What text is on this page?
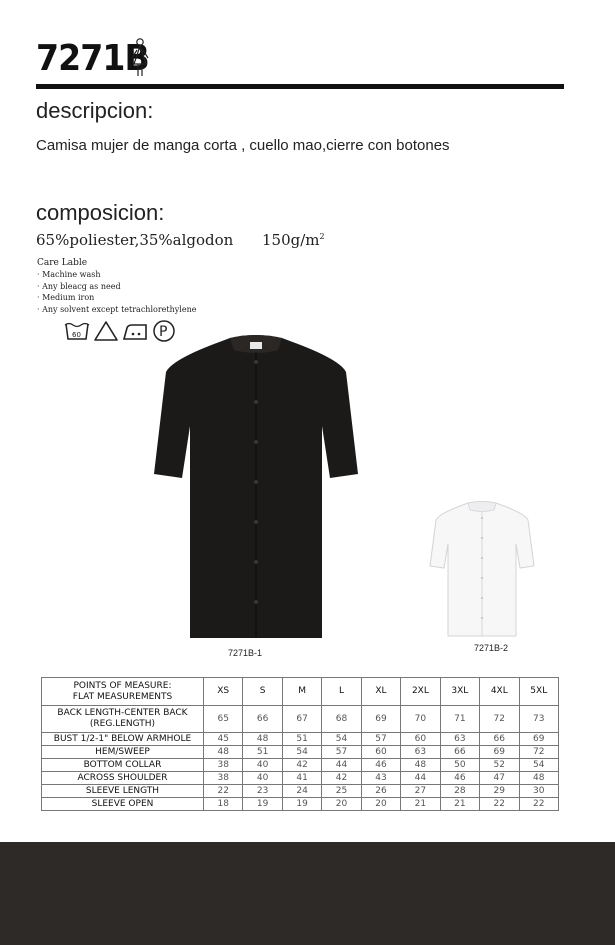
7271B
descripcion:
Camisa mujer de manga corta , cuello mao,cierre con botones
composicion:
65%poliester,35%algodon $150g/m^2$
Care Lable
· Machine wash
· Any bleacg as need
· Medium iron
· Any solvent except tetrachlorethylene
60	P
7271B-1	7271B-2
POINTS OF MEASURE:
FLAT MEASUREMENTS	XS	S	M	L	XL	2XL	3XL	4XL	5XL
BACK LENGTH-CENTER BACK
(REG.LENGTH)	65	66	67	68	69	70	71	72	73
BUST 1/2-1" BELOW ARMHOLE	45	48	51	54	57	60	63	66	69
HEM/SWEEP	48	51	54	57	60	63	66	69	72
BOTTOM COLLAR	38	40	42	44	46	48	50	52	54
ACROSS SHOULDER	38	40	41	42	43	44	46	47	48
SLEEVE LENGTH	22	23	24	25	26	27	28	29	30
SLEEVE OPEN	18	19	19	20	20	21	21	22	22
